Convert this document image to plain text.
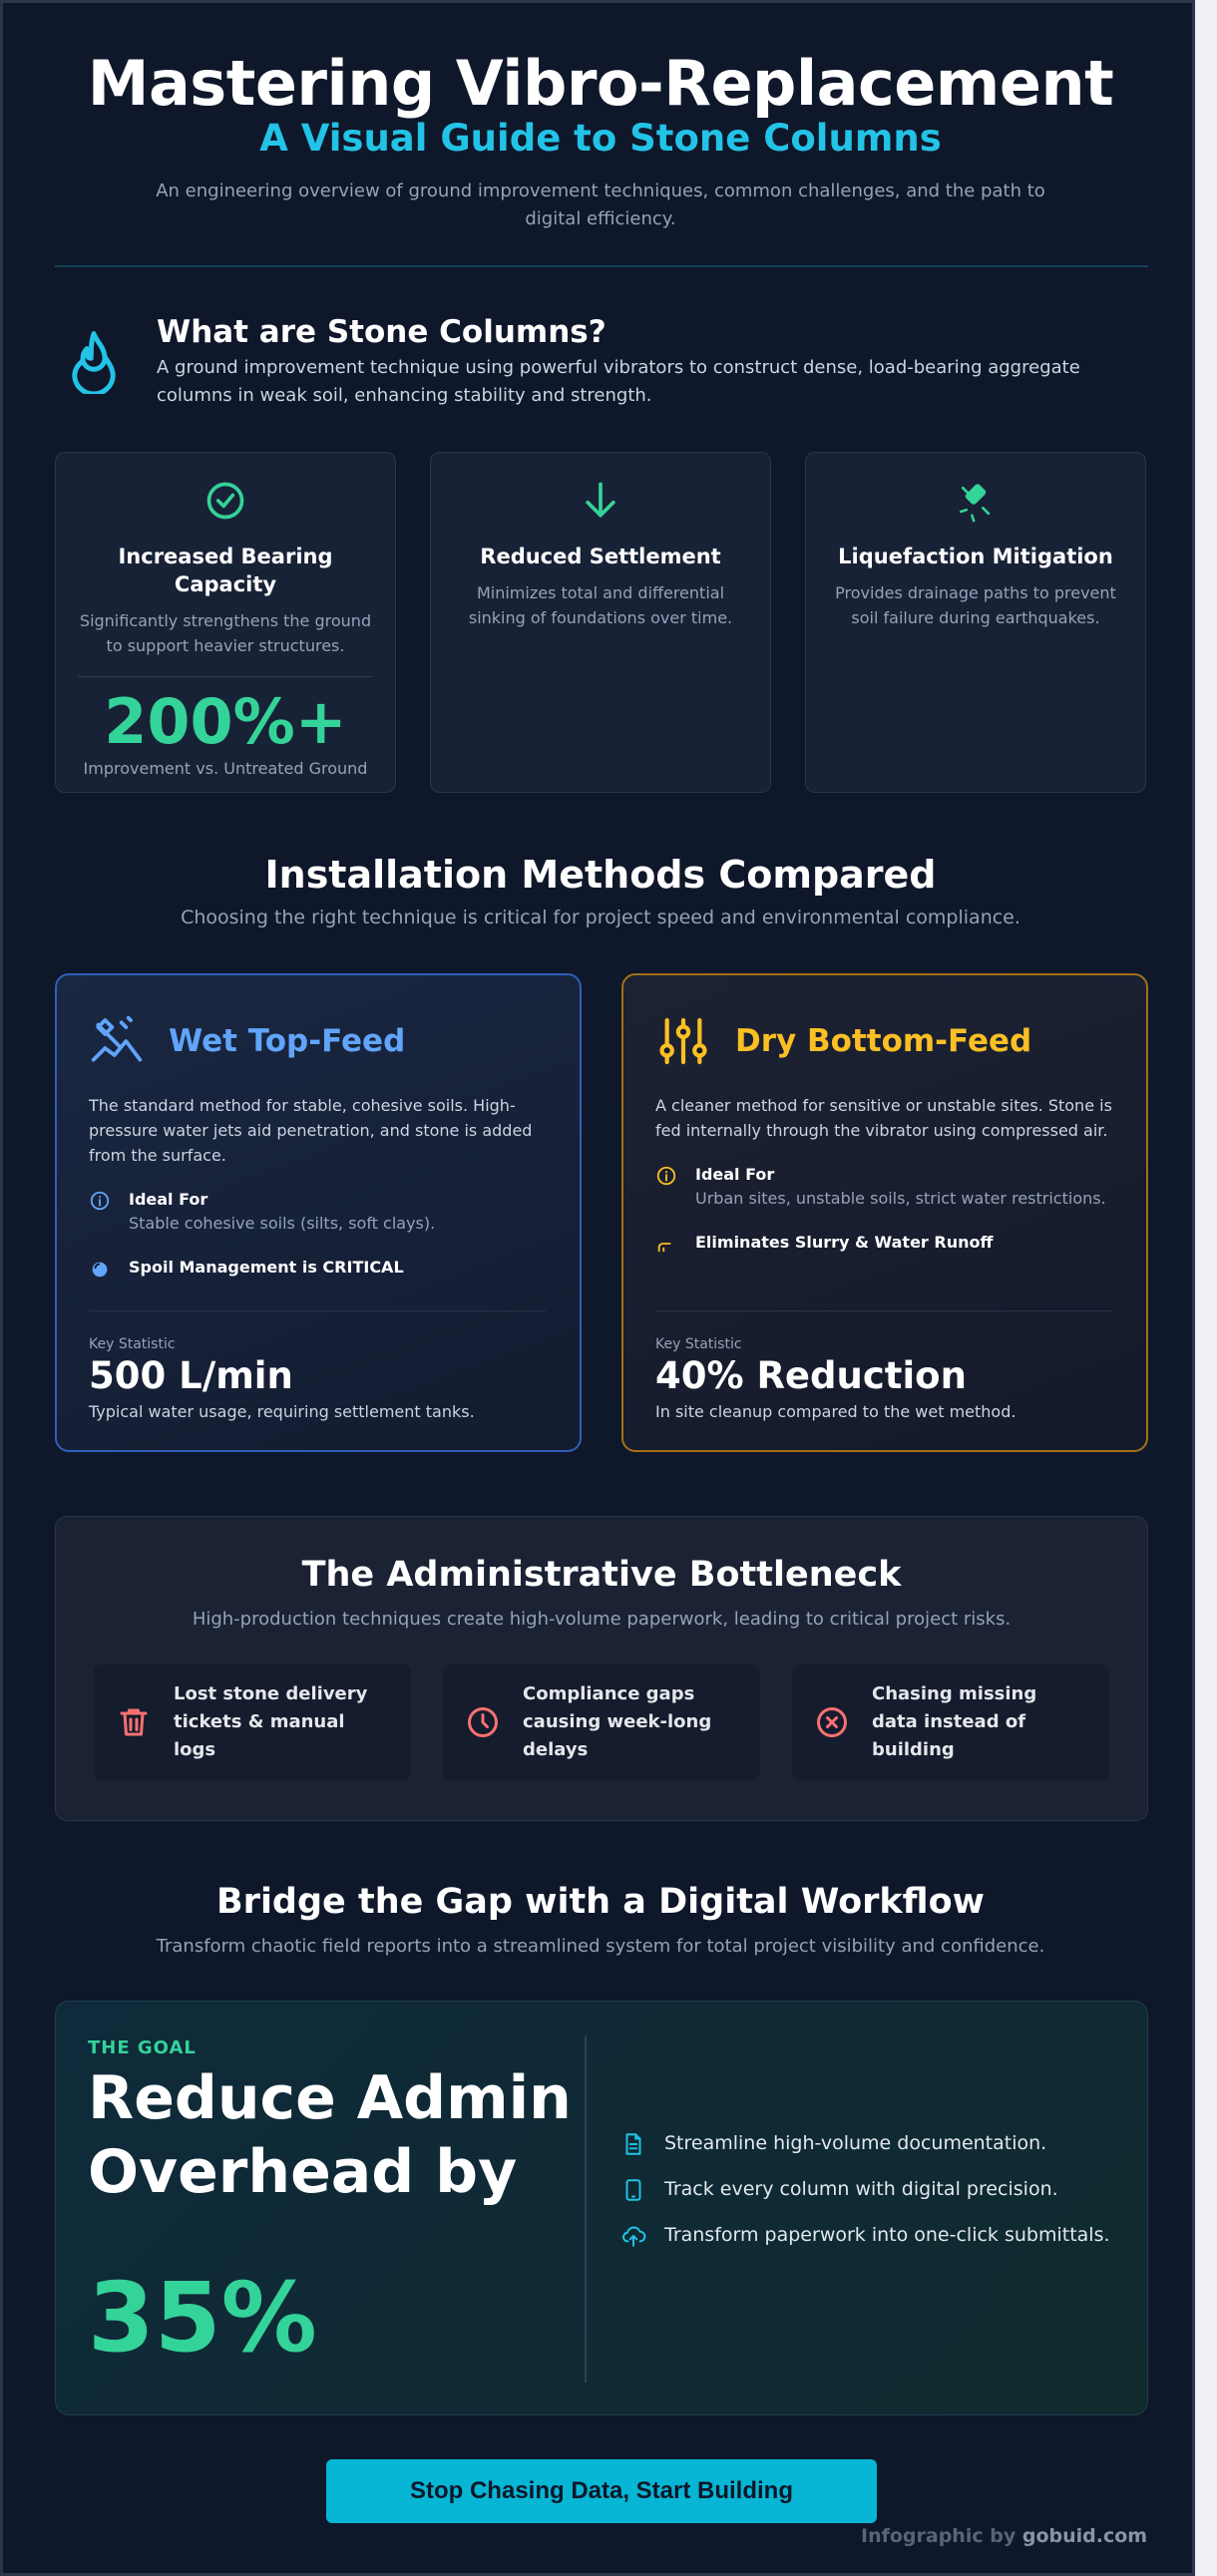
Mastering Vibro-Replacement
A Visual Guide to Stone Columns
An engineering overview of ground improvement techniques, common challenges, and the path to digital efficiency.
What are Stone Columns?
A ground improvement technique using powerful vibrators to construct dense, load-bearing aggregate columns in weak soil, enhancing stability and strength.
Increased Bearing Capacity
Significantly strengthens the ground to support heavier structures.
200%+
Improvement vs. Untreated Ground
Reduced Settlement
Minimizes total and differential sinking of foundations over time.
Liquefaction Mitigation
Provides drainage paths to prevent soil failure during earthquakes.
Installation Methods Compared
Choosing the right technique is critical for project speed and environmental compliance.
Wet Top-Feed
The standard method for stable, cohesive soils. High-pressure water jets aid penetration, and stone is added from the surface.
Ideal For
Stable cohesive soils (silts, soft clays).
Spoil Management is CRITICAL
Key Statistic
500 L/min
Typical water usage, requiring settlement tanks.
Dry Bottom-Feed
A cleaner method for sensitive or unstable sites. Stone is fed internally through the vibrator using compressed air.
Ideal For
Urban sites, unstable soils, strict water restrictions.
Eliminates Slurry & Water Runoff
Key Statistic
40% Reduction
In site cleanup compared to the wet method.
The Administrative Bottleneck
High-production techniques create high-volume paperwork, leading to critical project risks.
Lost stone delivery tickets & manual logs
Compliance gaps causing week-long delays
Chasing missing data instead of building
Bridge the Gap with a Digital Workflow
Transform chaotic field reports into a streamlined system for total project visibility and confidence.
THE GOAL
Reduce Admin Overhead by
35%
Streamline high-volume documentation.
Track every column with digital precision.
Transform paperwork into one-click submittals.
Stop Chasing Data, Start Building
Infographic by gobuid.com
